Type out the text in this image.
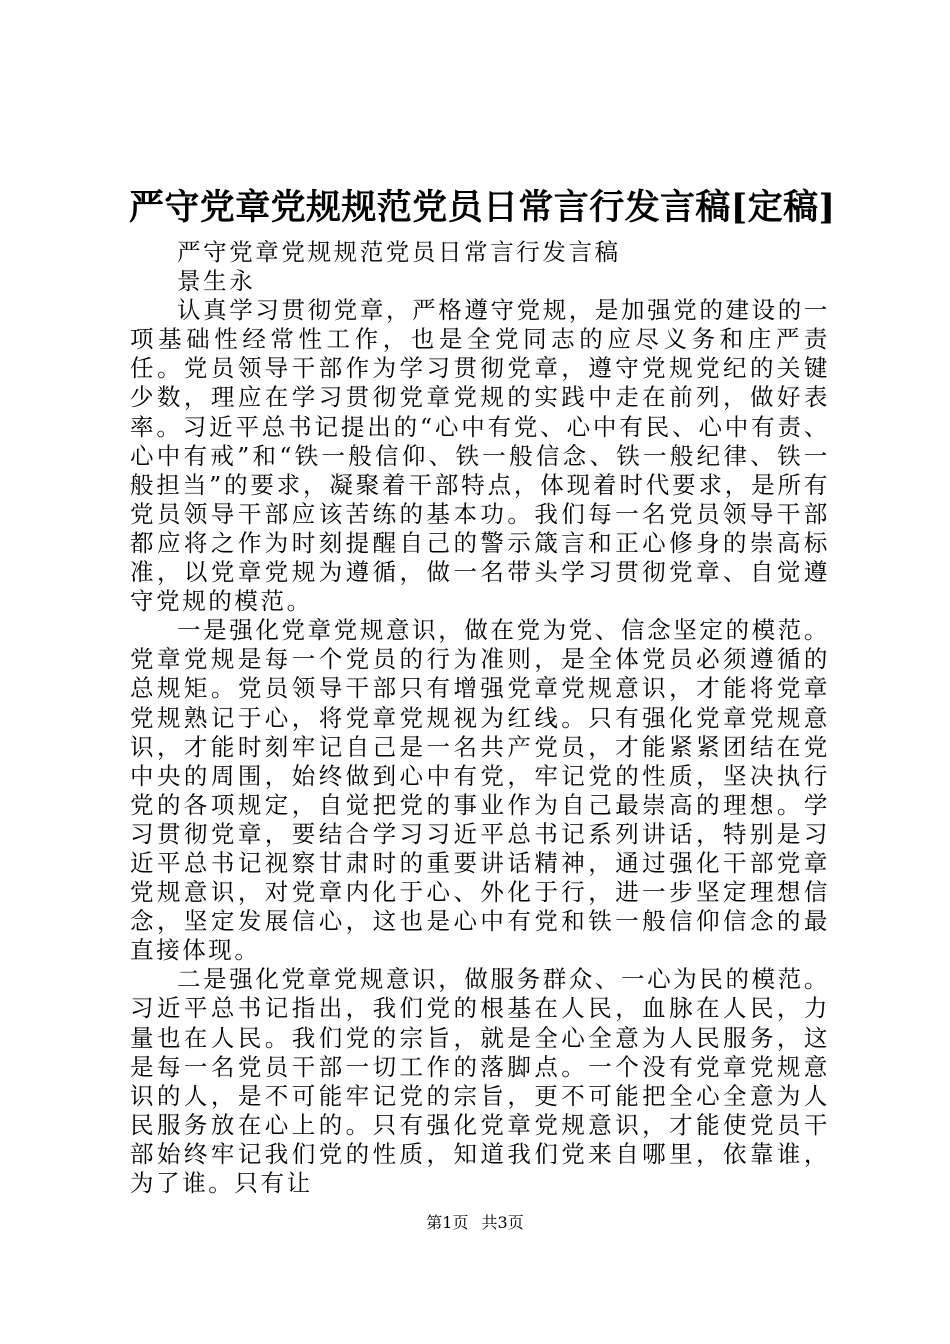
严守党章党规规范党员日常言行发言稿[定稿]

严守党章党规规范党员日常言行发言稿

景生永

认真学习贯彻党章，严格遵守党规，是加强党的建设的一项基础性经常性工作，也是全党同志的应尽义务和庄严责任。党员领导干部作为学习贯彻党章，遵守党规党纪的关键少数，理应在学习贯彻党章党规的实践中走在前列，做好表率。习近平总书记提出的“心中有党、心中有民、心中有责、心中有戒”和“铁一般信仰、铁一般信念、铁一般纪律、铁一般担当”的要求，凝聚着干部特点，体现着时代要求，是所有党员领导干部应该苦练的基本功。我们每一名党员领导干部都应将之作为时刻提醒自己的警示箴言和正心修身的崇高标准，以党章党规为遵循，做一名带头学习贯彻党章、自觉遵守党规的模范。

一是强化党章党规意识，做在党为党、信念坚定的模范。党章党规是每一个党员的行为准则，是全体党员必须遵循的总规矩。党员领导干部只有增强党章党规意识，才能将党章党规熟记于心，将党章党规视为红线。只有强化党章党规意识，才能时刻牢记自己是一名共产党员，才能紧紧团结在党中央的周围，始终做到心中有党，牢记党的性质，坚决执行党的各项规定，自觉把党的事业作为自己最崇高的理想。学习贯彻党章，要结合学习习近平总书记系列讲话，特别是习近平总书记视察甘肃时的重要讲话精神，通过强化干部党章党规意识，对党章内化于心、外化于行，进一步坚定理想信念，坚定发展信心，这也是心中有党和铁一般信仰信念的最直接体现。

二是强化党章党规意识，做服务群众、一心为民的模范。习近平总书记指出，我们党的根基在人民，血脉在人民，力量也在人民。我们党的宗旨，就是全心全意为人民服务，这是每一名党员干部一切工作的落脚点。一个没有党章党规意识的人，是不可能牢记党的宗旨，更不可能把全心全意为人民服务放在心上的。只有强化党章党规意识，才能使党员干部始终牢记我们党的性质，知道我们党来自哪里，依靠谁，为了谁。只有让

第1页 共3页
